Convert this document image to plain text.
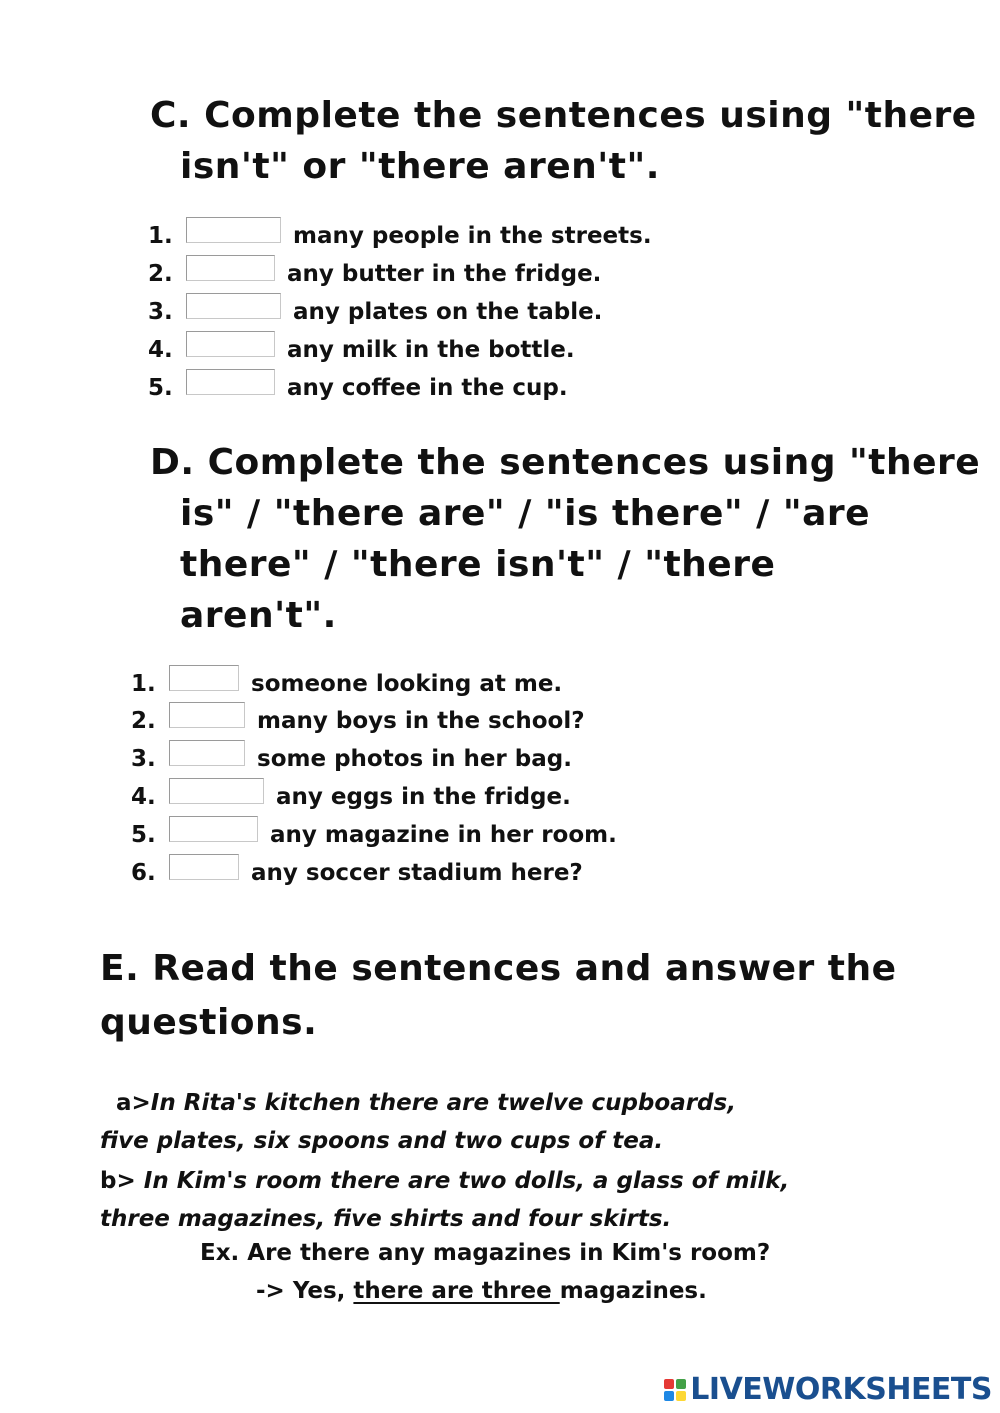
C. Complete the sentences using "there
isn't" or "there aren't".
1.	many people in the streets.
2.	any butter in the fridge.
3.	any plates on the table.
4.	any milk in the bottle.
5.	any coffee in the cup.
D. Complete the sentences using "there
is" / "there are" / "is there" / "are
there" / "there isn't" / "there
aren't".
1.	someone looking at me.
2.	many boys in the school?
3.	some photos in her bag.
4.	any eggs in the fridge.
5.	any magazine in her room.
6.	any soccer stadium here?
E. Read the sentences and answer the
questions.
a>In Rita's kitchen there are twelve cupboards,
five plates, six spoons and two cups of tea.
b> In Kim's room there are two dolls, a glass of milk,
three magazines, five shirts and four skirts.
Ex. Are there any magazines in Kim's room?
-> Yes, there are three magazines.
LIVEWORKSHEETS
